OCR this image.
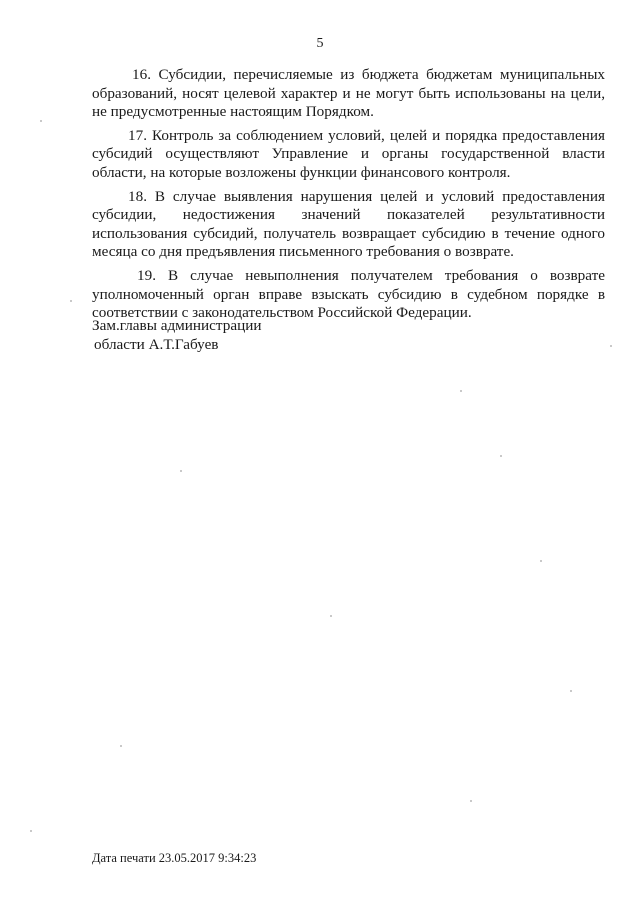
5

16. Субсидии, перечисляемые из бюджета бюджетам муниципальных образований, носят целевой характер и не могут быть использованы на цели, не предусмотренные настоящим Порядком.

17. Контроль за соблюдением условий, целей и порядка предоставления субсидий осуществляют Управление и органы государственной власти области, на которые возложены функции финансового контроля.

18. В случае выявления нарушения целей и условий предоставления субсидии, недостижения значений показателей результативности использования субсидий, получатель возвращает субсидию в течение одного месяца со дня предъявления письменного требования о возврате.

19. В случае невыполнения получателем требования о возврате уполномоченный орган вправе взыскать субсидию в судебном порядке в соответствии с законодательством Российской Федерации.

Зам.главы администрации
области А.Т.Габуев
Дата печати 23.05.2017 9:34:23
